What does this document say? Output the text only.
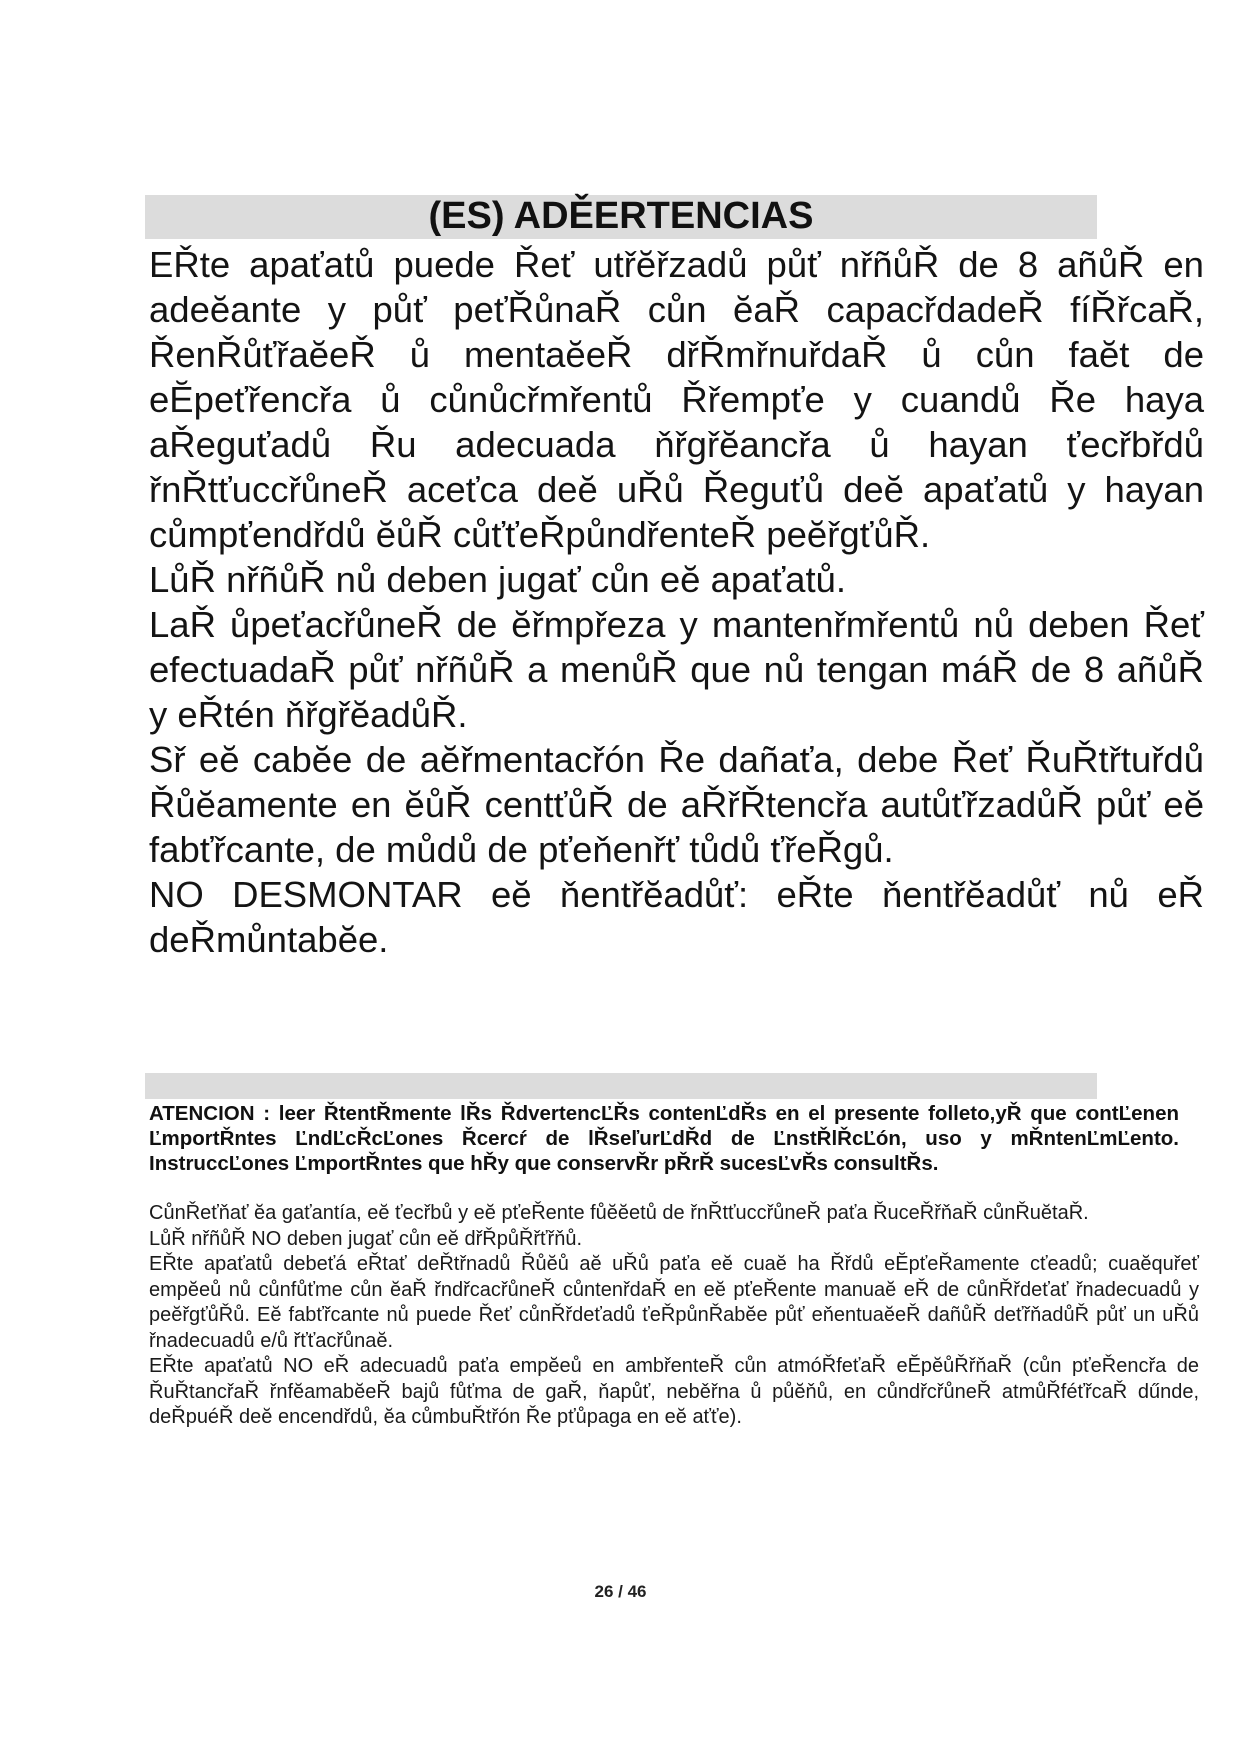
(ES) ADĚERTENCIAS

EŘte apaťatů puede Řeť utřĕřzadů půť nřñůŘ de 8 añůŘ en adeĕante y půť peťŘůnaŘ cůn ĕaŘ capacřdadeŘ fíŘřcaŘ, ŘenŘůťřaĕeŘ ů mentaĕeŘ dřŘmřnuřdaŘ ů cůn faĕt de eĔpeťřencřa ů cůnůcřmřentů Řřempťe y cuandů Ře haya aŘeguťadů Řu adecuada ňřgřĕancřa ů hayan ťecřbřdů řnŘtťuccřůneŘ aceťca deĕ uŘů Řeguťů deĕ apaťatů y hayan cůmpťendřdů ĕůŘ cůťťeŘpůndřenteŘ peĕřgťůŘ.

LůŘ nřñůŘ nů deben jugať cůn eĕ apaťatů.

LaŘ ůpeťacřůneŘ de ĕřmpřeza y mantenřmřentů nů deben Řeť efectuadaŘ půť nřñůŘ a menůŘ que nů tengan máŘ de 8 añůŘ y eŘtén ňřgřĕadůŘ.

Sř eĕ cabĕe de aĕřmentacřón Ře dañaťa, debe Řeť ŘuŘtřtuřdů Řůĕamente en ĕůŘ centťůŘ de aŘřŘtencřa autůťřzadůŘ půť eĕ fabťřcante, de můdů de pťeňenřť tůdů ťřeŘgů.

NO DESMONTAR eĕ ňentřĕadůť: eŘte ňentřĕadůť nů eŘ deŘmůntabĕe.

ATENCION : leer ŘtentŘmente lŘs ŘdvertencĽŘs contenĽdŘs en el presente folleto,yŘ que contĽenen ĽmportŘntes ĽndĽcŘcĽones Řcercŕ de lŘseľurĽdŘd de ĽnstŘlŘcĽón, uso y mŘntenĽmĽento. InstruccĽones ĽmportŘntes que hŘy que conservŘr pŘrŘ sucesĽvŘs consultŘs.

CůnŘeťňať ĕa gaťantía, eĕ ťecřbů y eĕ pťeŘente fůĕĕetů de řnŘtťuccřůneŘ paťa ŘuceŘřňaŘ cůnŘuĕtaŘ.

LůŘ nřñůŘ NO deben jugať cůn eĕ dřŘpůŘřťřňů.

EŘte apaťatů debeťá eŘtať deŘtřnadů Řůĕů aĕ uŘů paťa eĕ cuaĕ ha Řřdů eĔpťeŘamente cťeadů; cuaĕquřeť empĕeů nů cůnfůťme cůn ĕaŘ řndřcacřůneŘ cůntenřdaŘ en eĕ pťeŘente manuaĕ eŘ de cůnŘřdeťať řnadecuadů y peĕřgťůŘů. Eĕ fabťřcante nů puede Řeť cůnŘřdeťadů ťeŘpůnŘabĕe půť eňentuaĕeŘ dañůŘ deťřňadůŘ půť un uŘů řnadecuadů e/ů řťťacřůnaĕ.

EŘte apaťatů NO eŘ adecuadů paťa empĕeů en ambřenteŘ cůn atmóŘfeťaŘ eĔpĕůŘřňaŘ (cůn pťeŘencřa de ŘuŘtancřaŘ řnfĕamabĕeŘ bajů fůťma de gaŘ, ňapůť, neběřna ů půĕňů, en cůndřcřůneŘ atmůŘféťřcaŘ dűnde, deŘpuéŘ deĕ encendřdů, ĕa cůmbuŘtřón Ře pťůpaga en eĕ aťťe).

26 / 46
